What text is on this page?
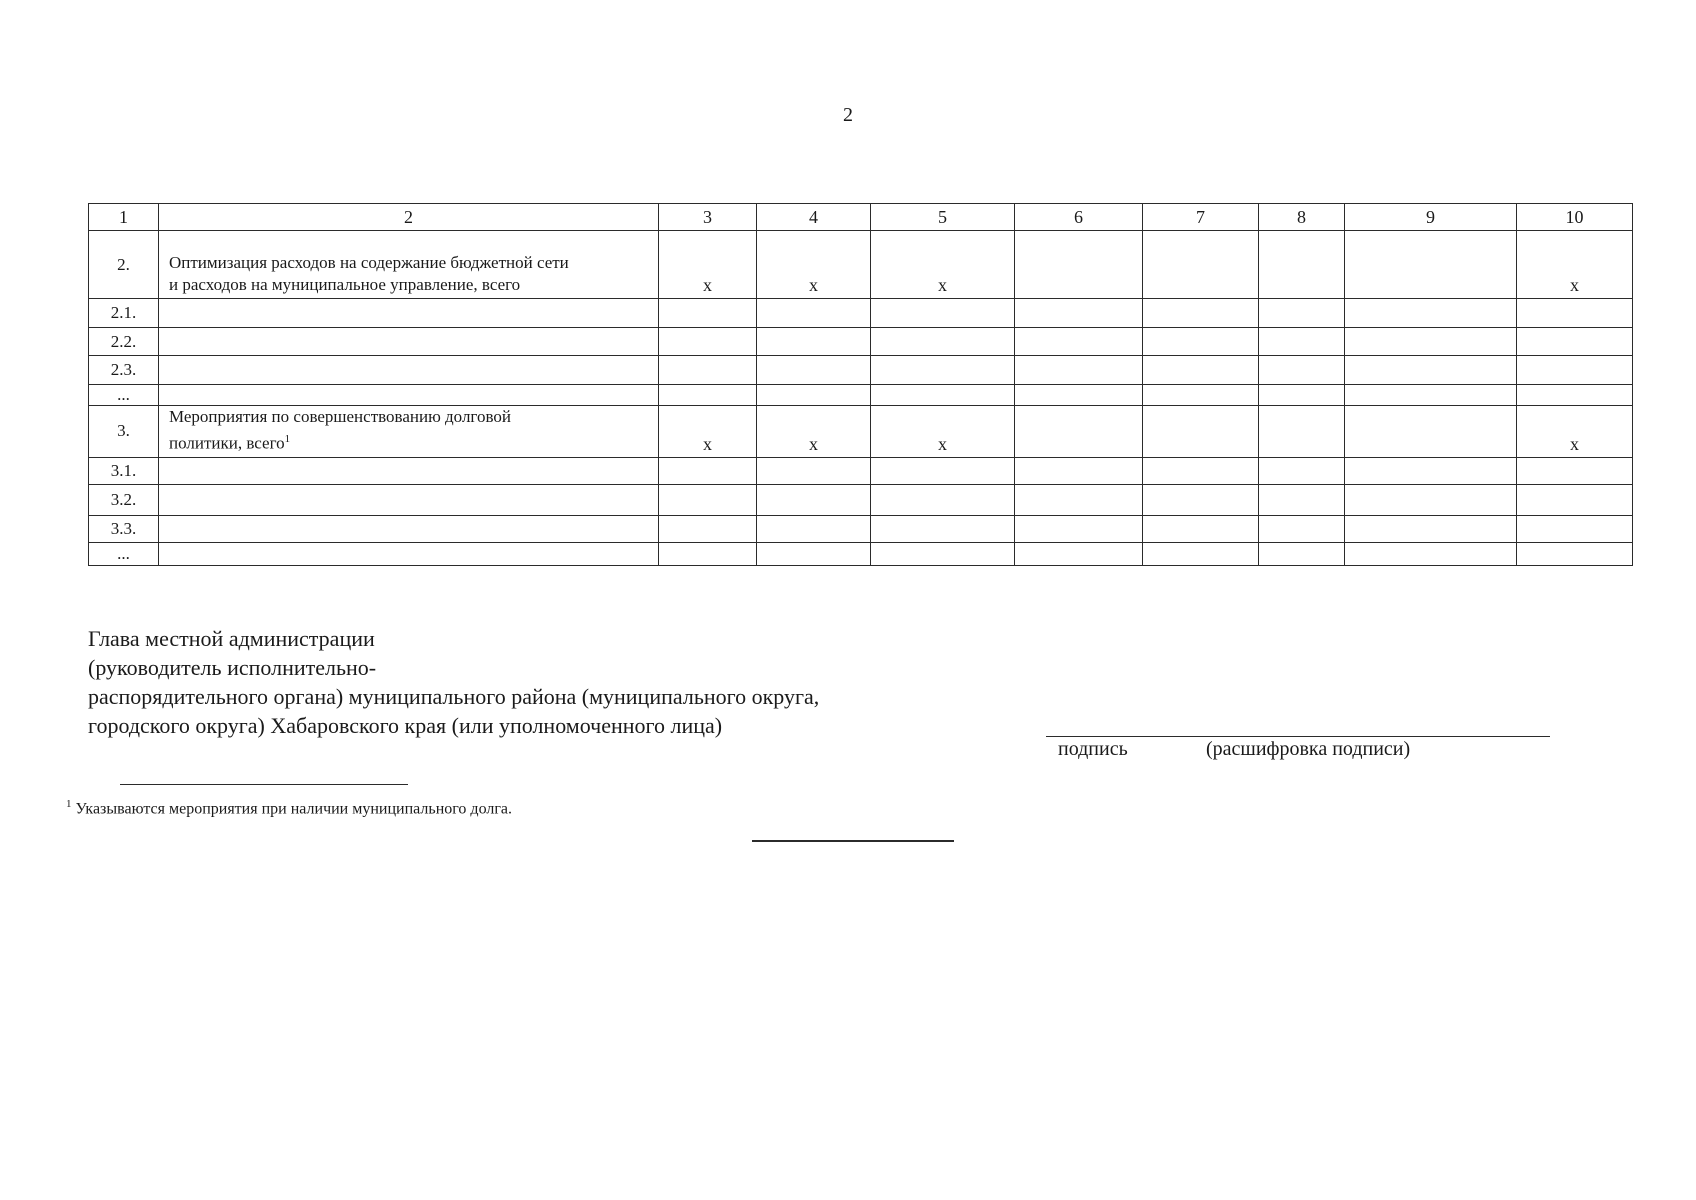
2
1	2	3	4	5	6	7	8	9	10
2.	Оптимизация расходов на содержание бюджетной сети
и расходов на муниципальное управление, всего	х	х	х					х
2.1.									
2.2.									
2.3.									
...									
3.	Мероприятия по совершенствованию долговой
политики, всего$^1$	х	х	х					х
3.1.									
3.2.									
3.3.									
...									
Глава местной администрации
(руководитель исполнительно-
распорядительного органа) муниципального района (муниципального округа,
городского округа) Хабаровского края (или уполномоченного лица)
подпись	(расшифровка подписи)
$^1$ Указываются мероприятия при наличии муниципального долга.
